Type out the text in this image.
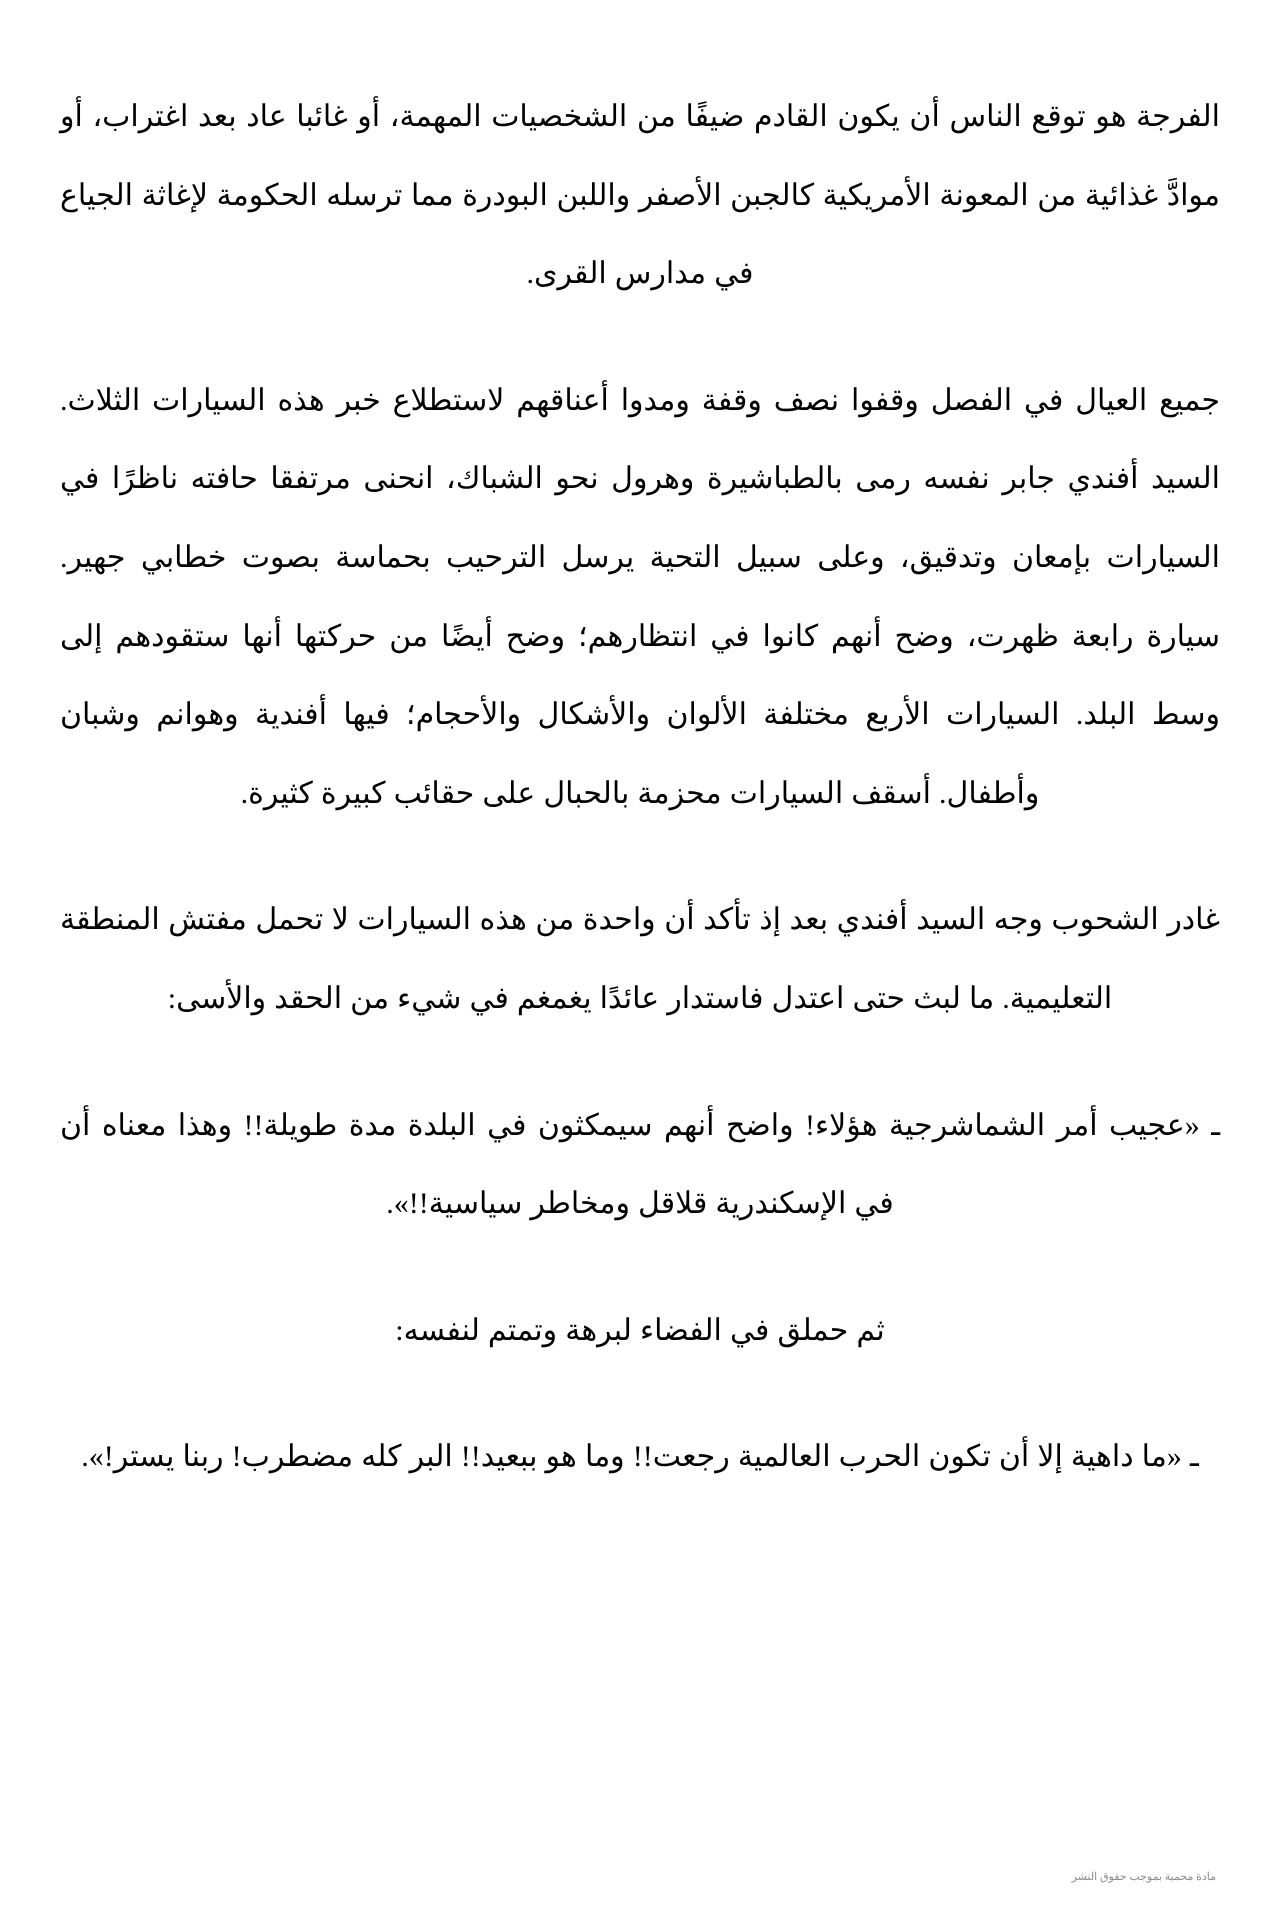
الفرجة هو توقع الناس أن يكون القادم ضيفًا من الشخصيات المهمة، أو غائبا عاد بعد اغتراب، أو موادَّ غذائية من المعونة الأمريكية كالجبن الأصفر واللبن البودرة مما ترسله الحكومة لإغاثة الجياع في مدارس القرى.

جميع العيال في الفصل وقفوا نصف وقفة ومدوا أعناقهم لاستطلاع خبر هذه السيارات الثلاث. السيد أفندي جابر نفسه رمى بالطباشيرة وهرول نحو الشباك، انحنى مرتفقا حافته ناظرًا في السيارات بإمعان وتدقيق، وعلى سبيل التحية يرسل الترحيب بحماسة بصوت خطابي جهير. سيارة رابعة ظهرت، وضح أنهم كانوا في انتظارهم؛ وضح أيضًا من حركتها أنها ستقودهم إلى وسط البلد. السيارات الأربع مختلفة الألوان والأشكال والأحجام؛ فيها أفندية وهوانم وشبان وأطفال. أسقف السيارات محزمة بالحبال على حقائب كبيرة كثيرة.

غادر الشحوب وجه السيد أفندي بعد إذ تأكد أن واحدة من هذه السيارات لا تحمل مفتش المنطقة التعليمية. ما لبث حتى اعتدل فاستدار عائدًا يغمغم في شيء من الحقد والأسى:

ـ «عجيب أمر الشماشرجية هؤلاء! واضح أنهم سيمكثون في البلدة مدة طويلة!! وهذا معناه أن في الإسكندرية قلاقل ومخاطر سياسية!!».

ثم حملق في الفضاء لبرهة وتمتم لنفسه:

ـ «ما داهية إلا أن تكون الحرب العالمية رجعت!! وما هو ببعيد!! البر كله مضطرب! ربنا يستر!».

مادة محمية بموجب حقوق النشر
